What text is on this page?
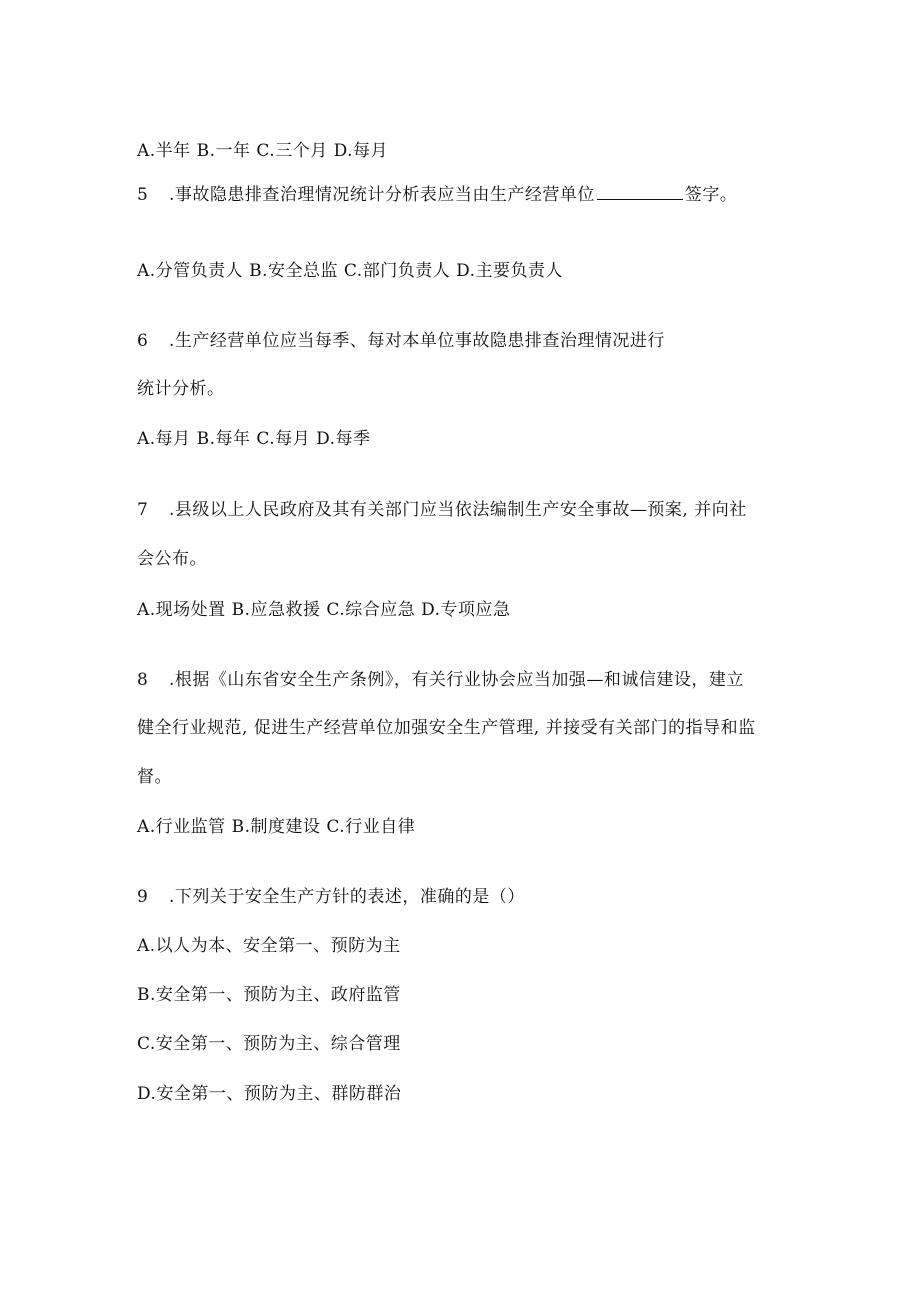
A.半年 B.一年 C.三个月 D.每月
5 .事故隐患排查治理情况统计分析表应当由生产经营单位	签字。
A.分管负责人 B.安全总监 C.部门负责人 D.主要负责人
6 .生产经营单位应当每季、每对本单位事故隐患排查治理情况进行
统计分析。
A.每月 B.每年 C.每月 D.每季
7 .县级以上人民政府及其有关部门应当依法编制生产安全事故—预案, 并向社
会公布。
A.现场处置 B.应急救援 C.综合应急 D.专项应急
8 .根据《山东省安全生产条例》，有关行业协会应当加强—和诚信建设，建立
健全行业规范, 促进生产经营单位加强安全生产管理, 并接受有关部门的指导和监
督。
A.行业监管 B.制度建设 C.行业自律
9 .下列关于安全生产方针的表述，准确的是（）
A.以人为本、安全第一、预防为主
B.安全第一、预防为主、政府监管
C.安全第一、预防为主、综合管理
D.安全第一、预防为主、群防群治
